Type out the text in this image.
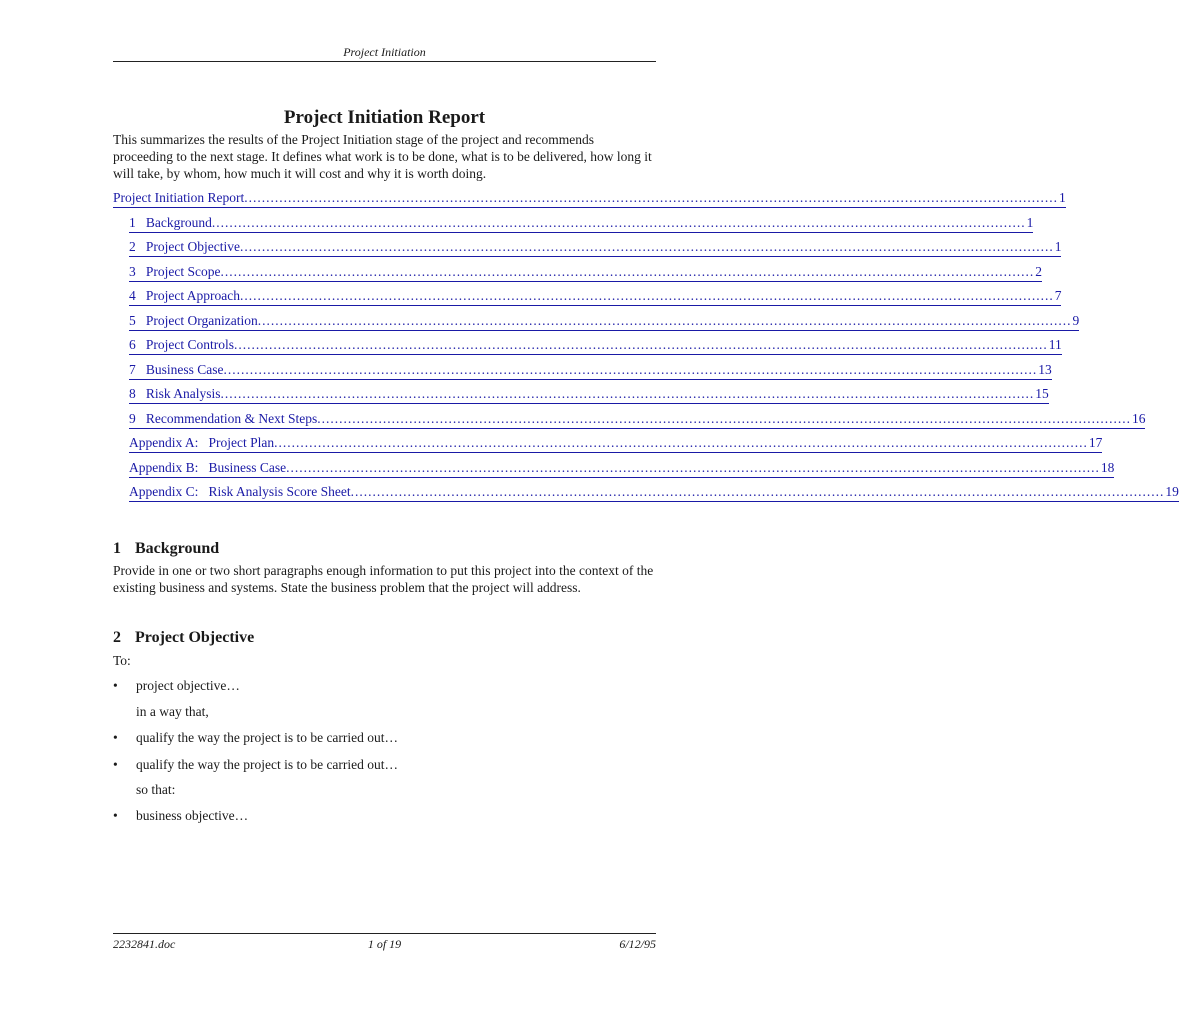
Project Initiation
Project Initiation Report
This summarizes the results of the Project Initiation stage of the project and recommends proceeding to the next stage. It defines what work is to be done, what is to be delivered, how long it will take, by whom, how much it will cost and why it is worth doing.
Project Initiation Report .......................................................................................................................................................................................... 1
1   Background .......................................................................................................................................................................................... 1
2   Project Objective .......................................................................................................................................................................................... 1
3   Project Scope .......................................................................................................................................................................................... 2
4   Project Approach .......................................................................................................................................................................................... 7
5   Project Organization .......................................................................................................................................................................................... 9
6   Project Controls .......................................................................................................................................................................................... 11
7   Business Case .......................................................................................................................................................................................... 13
8   Risk Analysis .......................................................................................................................................................................................... 15
9   Recommendation & Next Steps .......................................................................................................................................................................................... 16
Appendix A:   Project Plan .......................................................................................................................................................................................... 17
Appendix B:   Business Case .......................................................................................................................................................................................... 18
Appendix C:   Risk Analysis Score Sheet .......................................................................................................................................................................................... 19
1 Background
Provide in one or two short paragraphs enough information to put this project into the context of the existing business and systems. State the business problem that the project will address.
2 Project Objective
To:
• project objective…
in a way that,
• qualify the way the project is to be carried out…
• qualify the way the project is to be carried out…
so that:
• business objective…
2232841.doc	1 of 19	6/12/95
